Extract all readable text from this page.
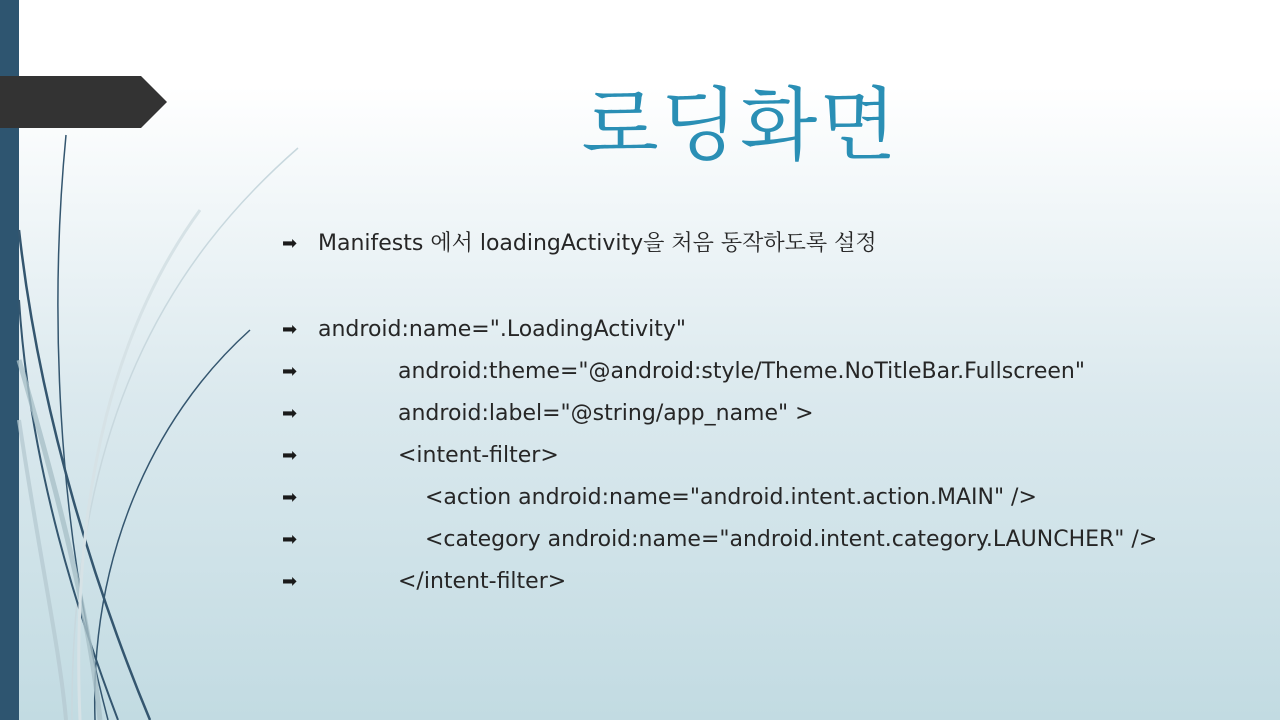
로딩화면
➡ Manifests 에서 loadingActivity을 처음 동작하도록 설정
➡ android:name=".LoadingActivity"
➡	android:theme="@android:style/Theme.NoTitleBar.Fullscreen"
➡	android:label="@string/app_name" >
➡	<intent-filter>
➡	<action android:name="android.intent.action.MAIN" />
➡	<category android:name="android.intent.category.LAUNCHER" />
➡	</intent-filter>
